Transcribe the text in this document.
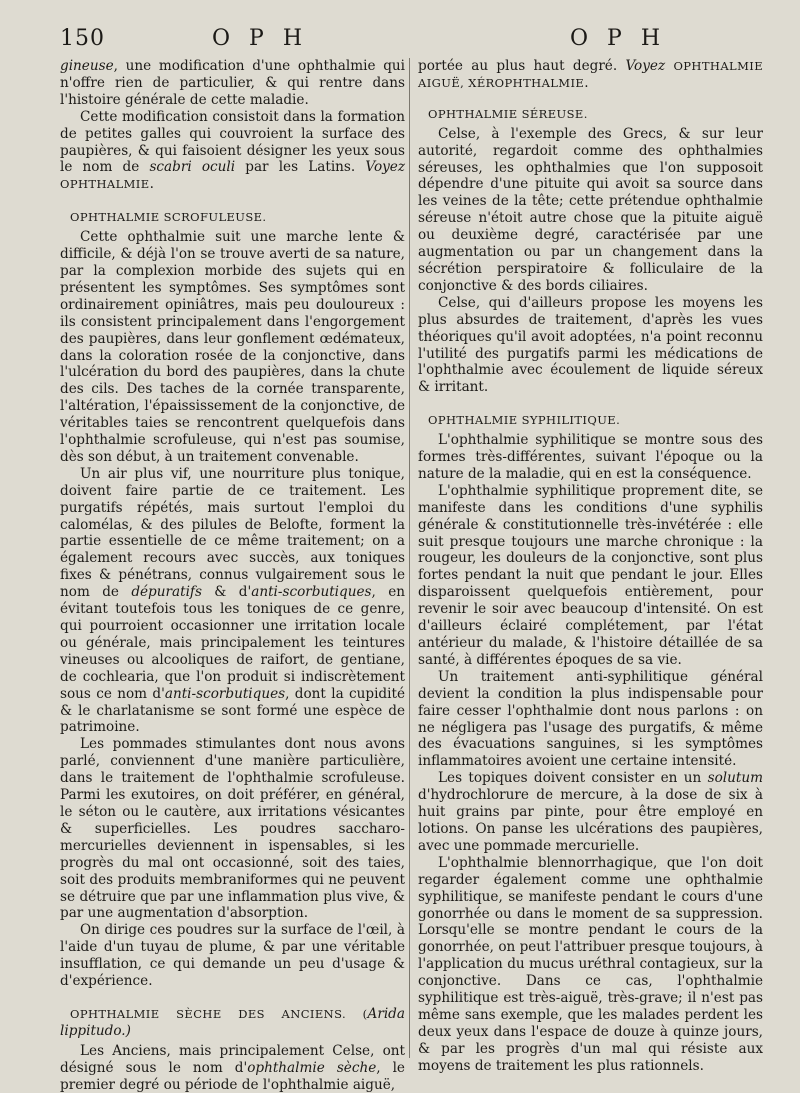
150	O P H	O P H

gineuse, une modification d'une ophthalmie qui n'offre rien de particulier, & qui rentre dans l'histoire générale de cette maladie.

Cette modification consistoit dans la formation de petites galles qui couvroient la surface des paupières, & qui faisoient désigner les yeux sous le nom de scabri oculi par les Latins. Voyez OPHTHALMIE.

OPHTHALMIE SCROFULEUSE.

Cette ophthalmie suit une marche lente & difficile, & déjà l'on se trouve averti de sa nature, par la complexion morbide des sujets qui en présentent les symptômes. Ses symptômes sont ordinairement opiniâtres, mais peu douloureux : ils consistent principalement dans l'engorgement des paupières, dans leur gonflement œdémateux, dans la coloration rosée de la conjonctive, dans l'ulcération du bord des paupières, dans la chute des cils. Des taches de la cornée transparente, l'altération, l'épaississement de la conjonctive, de véritables taies se rencontrent quelquefois dans l'ophthalmie scrofuleuse, qui n'est pas soumise, dès son début, à un traitement convenable.

Un air plus vif, une nourriture plus tonique, doivent faire partie de ce traitement. Les purgatifs répétés, mais surtout l'emploi du calomélas, & des pilules de Belofte, forment la partie essentielle de ce même traitement; on a également recours avec succès, aux toniques fixes & pénétrans, connus vulgairement sous le nom de dépuratifs & d'anti-scorbutiques, en évitant toutefois tous les toniques de ce genre, qui pourroient occasionner une irritation locale ou générale, mais principalement les teintures vineuses ou alcooliques de raifort, de gentiane, de cochlearia, que l'on produit si indiscrètement sous ce nom d'anti-scorbutiques, dont la cupidité & le charlatanisme se sont formé une espèce de patrimoine.

Les pommades stimulantes dont nous avons parlé, conviennent d'une manière particulière, dans le traitement de l'ophthalmie scrofuleuse. Parmi les exutoires, on doit préférer, en général, le séton ou le cautère, aux irritations vésicantes & superficielles. Les poudres saccharo-mercurielles deviennent in ispensables, si les progrès du mal ont occasionné, soit des taies, soit des produits membraniformes qui ne peuvent se détruire que par une inflammation plus vive, & par une augmentation d'absorption.

On dirige ces poudres sur la surface de l'œil, à l'aide d'un tuyau de plume, & par une véritable insufflation, ce qui demande un peu d'usage & d'expérience.

OPHTHALMIE SÈCHE DES ANCIENS. (Arida lippitudo.)

Les Anciens, mais principalement Celse, ont désigné sous le nom d'ophthalmie sèche, le premier degré ou période de l'ophthalmie aiguë,

portée au plus haut degré. Voyez OPHTHALMIE AIGUË, XÉROPHTHALMIE.

OPHTHALMIE SÉREUSE.

Celse, à l'exemple des Grecs, & sur leur autorité, regardoit comme des ophthalmies séreuses, les ophthalmies que l'on supposoit dépendre d'une pituite qui avoit sa source dans les veines de la tête; cette prétendue ophthalmie séreuse n'étoit autre chose que la pituite aiguë ou deuxième degré, caractérisée par une augmentation ou par un changement dans la sécrétion perspiratoire & folliculaire de la conjonctive & des bords ciliaires.

Celse, qui d'ailleurs propose les moyens les plus absurdes de traitement, d'après les vues théoriques qu'il avoit adoptées, n'a point reconnu l'utilité des purgatifs parmi les médications de l'ophthalmie avec écoulement de liquide séreux & irritant.

OPHTHALMIE SYPHILITIQUE.

L'ophthalmie syphilitique se montre sous des formes très-différentes, suivant l'époque ou la nature de la maladie, qui en est la conséquence.

L'ophthalmie syphilitique proprement dite, se manifeste dans les conditions d'une syphilis générale & constitutionnelle très-invétérée : elle suit presque toujours une marche chronique : la rougeur, les douleurs de la conjonctive, sont plus fortes pendant la nuit que pendant le jour. Elles disparoissent quelquefois entièrement, pour revenir le soir avec beaucoup d'intensité. On est d'ailleurs éclairé complétement, par l'état antérieur du malade, & l'histoire détaillée de sa santé, à différentes époques de sa vie.

Un traitement anti-syphilitique général devient la condition la plus indispensable pour faire cesser l'ophthalmie dont nous parlons : on ne négligera pas l'usage des purgatifs, & même des évacuations sanguines, si les symptômes inflammatoires avoient une certaine intensité.

Les topiques doivent consister en un solutum d'hydrochlorure de mercure, à la dose de six à huit grains par pinte, pour être employé en lotions. On panse les ulcérations des paupières, avec une pommade mercurielle.

L'ophthalmie blennorrhagique, que l'on doit regarder également comme une ophthalmie syphilitique, se manifeste pendant le cours d'une gonorrhée ou dans le moment de sa suppression. Lorsqu'elle se montre pendant le cours de la gonorrhée, on peut l'attribuer presque toujours, à l'application du mucus uréthral contagieux, sur la conjonctive. Dans ce cas, l'ophthalmie syphilitique est très-aiguë, très-grave; il n'est pas même sans exemple, que les malades perdent les deux yeux dans l'espace de douze à quinze jours, & par les progrès d'un mal qui résiste aux moyens de traitement les plus rationnels.
